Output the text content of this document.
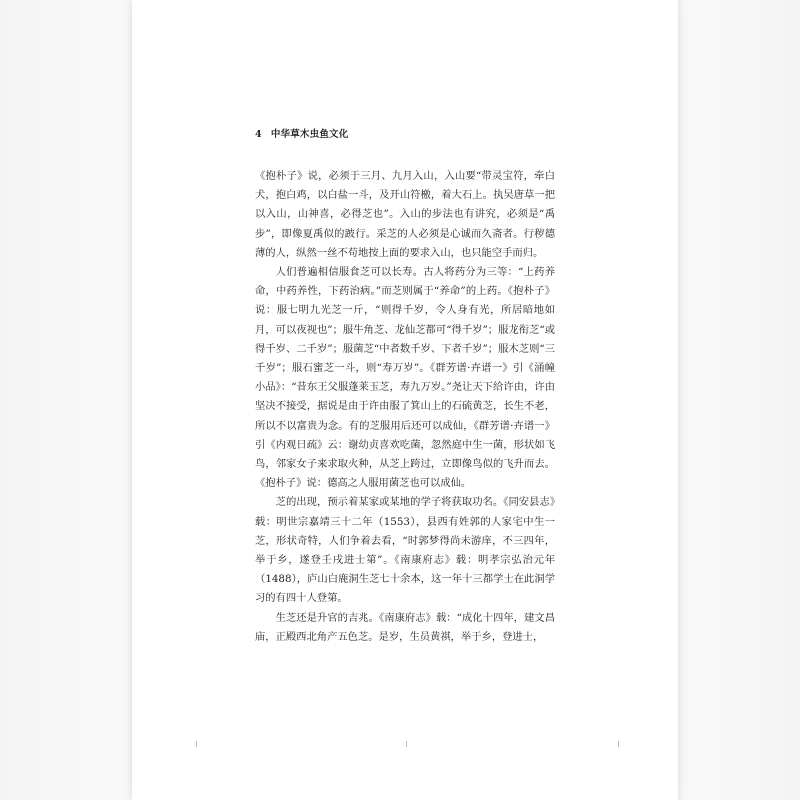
4 中华草木虫鱼文化

《抱朴子》说，必须于三月、九月入山，入山要“带灵宝符，牵白犬，抱白鸡，以白盐一斗，及开山符檄，着大石上。执吴唐草一把以入山，山神喜，必得芝也”。入山的步法也有讲究，必须是“禹步”，即像夏禹似的跛行。采芝的人必须是心诚而久斋者。行秽德薄的人，纵然一丝不苟地按上面的要求入山，也只能空手而归。

人们普遍相信服食芝可以长寿。古人将药分为三等：“上药养命，中药养性，下药治病。”而芝则属于“养命”的上药。《抱朴子》说：服七明九光芝一斤，“则得千岁，令人身有光，所居暗地如月，可以夜视也”；服牛角芝、龙仙芝都可“得千岁”；服龙衔芝“或得千岁、二千岁”；服菌芝“中者数千岁、下者千岁”；服木芝则“三千岁”；服石蜜芝一斗，则“寿万岁”。《群芳谱·卉谱一》引《涌幢小品》：“昔东王父服蓬莱玉芝，寿九万岁。”尧让天下给许由，许由坚决不接受，据说是由于许由服了箕山上的石硫黄芝，长生不老，所以不以富贵为念。有的芝服用后还可以成仙，《群芳谱·卉谱一》引《内观日疏》云：谢幼贞喜欢吃菌，忽然庭中生一菌，形状如飞鸟，邻家女子来求取火种，从芝上跨过，立即像鸟似的飞升而去。《抱朴子》说：德高之人服用菌芝也可以成仙。

芝的出现，预示着某家或某地的学子将获取功名。《同安县志》载：明世宗嘉靖三十二年（1553），县西有姓郭的人家宅中生一芝，形状奇特，人们争着去看，“时郭梦得尚未游庠，不三四年，举于乡，遂登壬戌进士第”。《南康府志》载：明孝宗弘治元年（1488），庐山白鹿洞生芝七十余本，这一年十三都学士在此洞学习的有四十人登第。

生芝还是升官的吉兆。《南康府志》载：“成化十四年，建文昌庙，正殿西北角产五色芝。是岁，生员黄祺，举于乡，登进士，
